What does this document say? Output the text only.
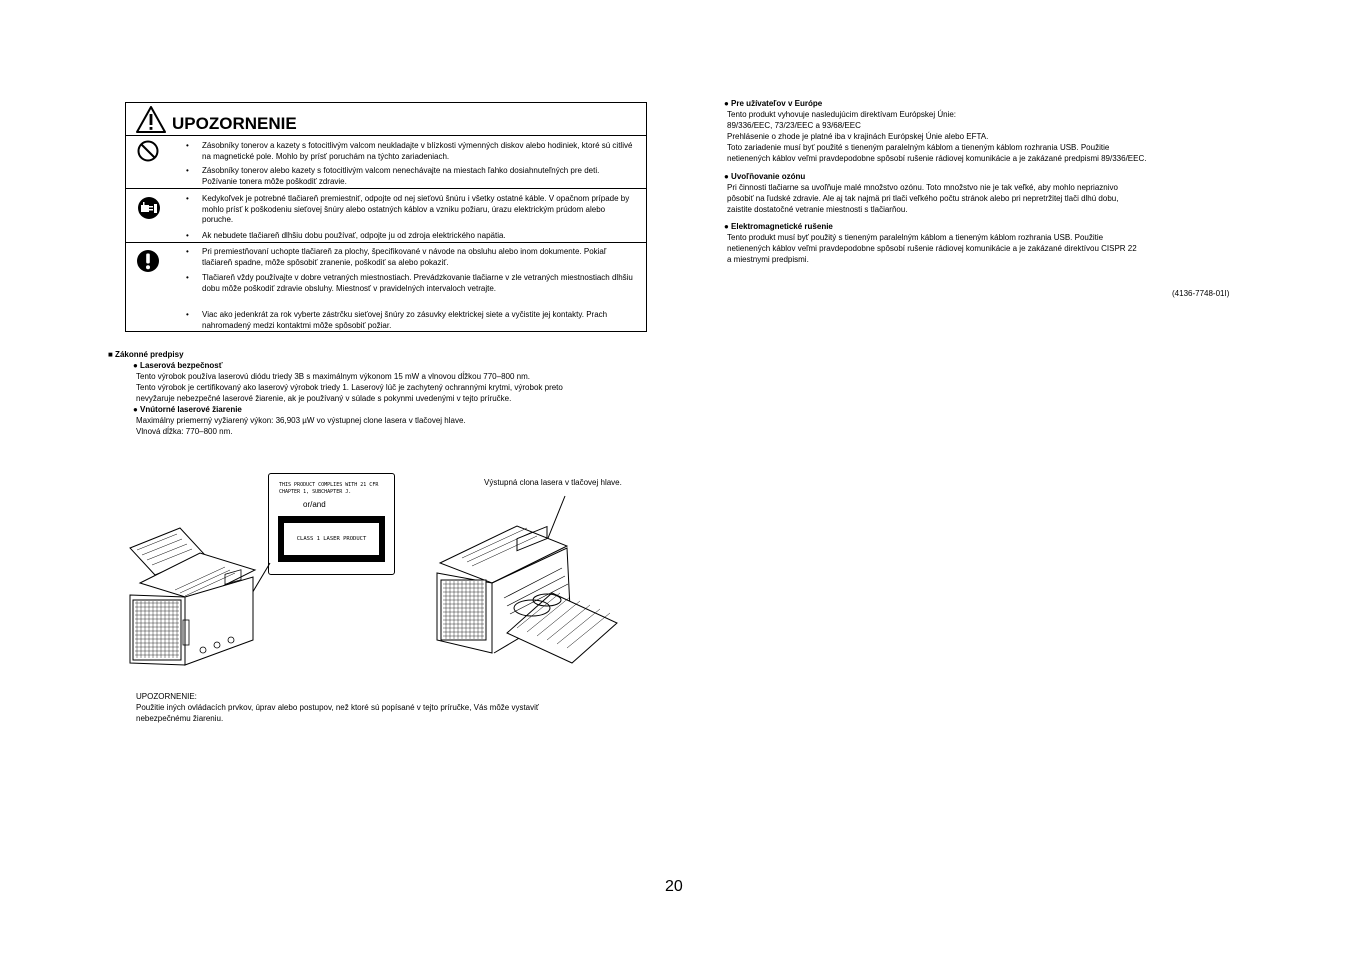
UPOZORNENIE
• Zásobníky tonerov a kazety s fotocitlivým valcom neukladajte v blízkosti výmenných diskov alebo hodiniek, ktoré sú citlivé na magnetické pole. Mohlo by prísť poruchám na týchto zariadeniach.
• Zásobníky tonerov alebo kazety s fotocitlivým valcom nenechávajte na miestach ľahko dosiahnuteľných pre deti. Požívanie tonera môže poškodiť zdravie.
• Kedykoľvek je potrebné tlačiareň premiestniť, odpojte od nej sieťovú šnúru i všetky ostatné káble. V opačnom prípade by mohlo prísť k poškodeniu sieťovej šnúry alebo ostatných káblov a vzniku požiaru, úrazu elektrickým prúdom alebo poruche.
• Ak nebudete tlačiareň dlhšiu dobu používať, odpojte ju od zdroja elektrického napätia.
• Pri premiestňovaní uchopte tlačiareň za plochy, špecifikované v návode na obsluhu alebo inom dokumente. Pokiaľ tlačiareň spadne, môže spôsobiť zranenie, poškodiť sa alebo pokaziť.
• Tlačiareň vždy používajte v dobre vetraných miestnostiach. Prevádzkovanie tlačiarne v zle vetraných miestnostiach dlhšiu dobu môže poškodiť zdravie obsluhy. Miestnosť v pravidelných intervaloch vetrajte.
• Viac ako jedenkrát za rok vyberte zástrčku sieťovej šnúry zo zásuvky elektrickej siete a vyčistite jej kontakty. Prach nahromadený medzi kontaktmi môže spôsobiť požiar.
■ Zákonné predpisy
● Laserová bezpečnosť
Tento výrobok používa laserovú diódu triedy 3B s maximálnym výkonom 15 mW a vlnovou dĺžkou 770–800 nm.
Tento výrobok je certifikovaný ako laserový výrobok triedy 1. Laserový lúč je zachytený ochrannými krytmi, výrobok preto
nevyžaruje nebezpečné laserové žiarenie, ak je používaný v súlade s pokynmi uvedenými v tejto príručke.
● Vnútorné laserové žiarenie
Maximálny priemerný vyžiarený výkon: 36,903 µW vo výstupnej clone lasera v tlačovej hlave.
Vlnová dĺžka: 770–800 nm.
THIS PRODUCT COMPLIES WITH 21 CFR
CHAPTER 1, SUBCHAPTER J.
or/and
CLASS 1 LASER PRODUCT
Výstupná clona lasera v tlačovej hlave.
UPOZORNENIE:
Použitie iných ovládacích prvkov, úprav alebo postupov, než ktoré sú popísané v tejto príručke, Vás môže vystaviť
nebezpečnému žiareniu.
● Pre užívateľov v Európe
Tento produkt vyhovuje nasledujúcim direktívam Európskej Únie:
89/336/EEC, 73/23/EEC a 93/68/EEC
Prehlásenie o zhode je platné iba v krajinách Európskej Únie alebo EFTA.
Toto zariadenie musí byť použité s tieneným paralelným káblom a tieneným káblom rozhrania USB. Použitie
netienených káblov veľmi pravdepodobne spôsobí rušenie rádiovej komunikácie a je zakázané predpismi 89/336/EEC.
● Uvoľňovanie ozónu
Pri činnosti tlačiarne sa uvoľňuje malé množstvo ozónu. Toto množstvo nie je tak veľké, aby mohlo nepriaznivo
pôsobiť na ľudské zdravie. Ale aj tak najmä pri tlači veľkého počtu stránok alebo pri nepretržitej tlači dlhú dobu,
zaistite dostatočné vetranie miestnosti s tlačiarňou.
● Elektromagnetické rušenie
Tento produkt musí byť použitý s tieneným paralelným káblom a tieneným káblom rozhrania USB. Použitie
netienených káblov veľmi pravdepodobne spôsobí rušenie rádiovej komunikácie a je zakázané direktívou CISPR 22
a miestnymi predpismi.
(4136-7748-01I)
20
